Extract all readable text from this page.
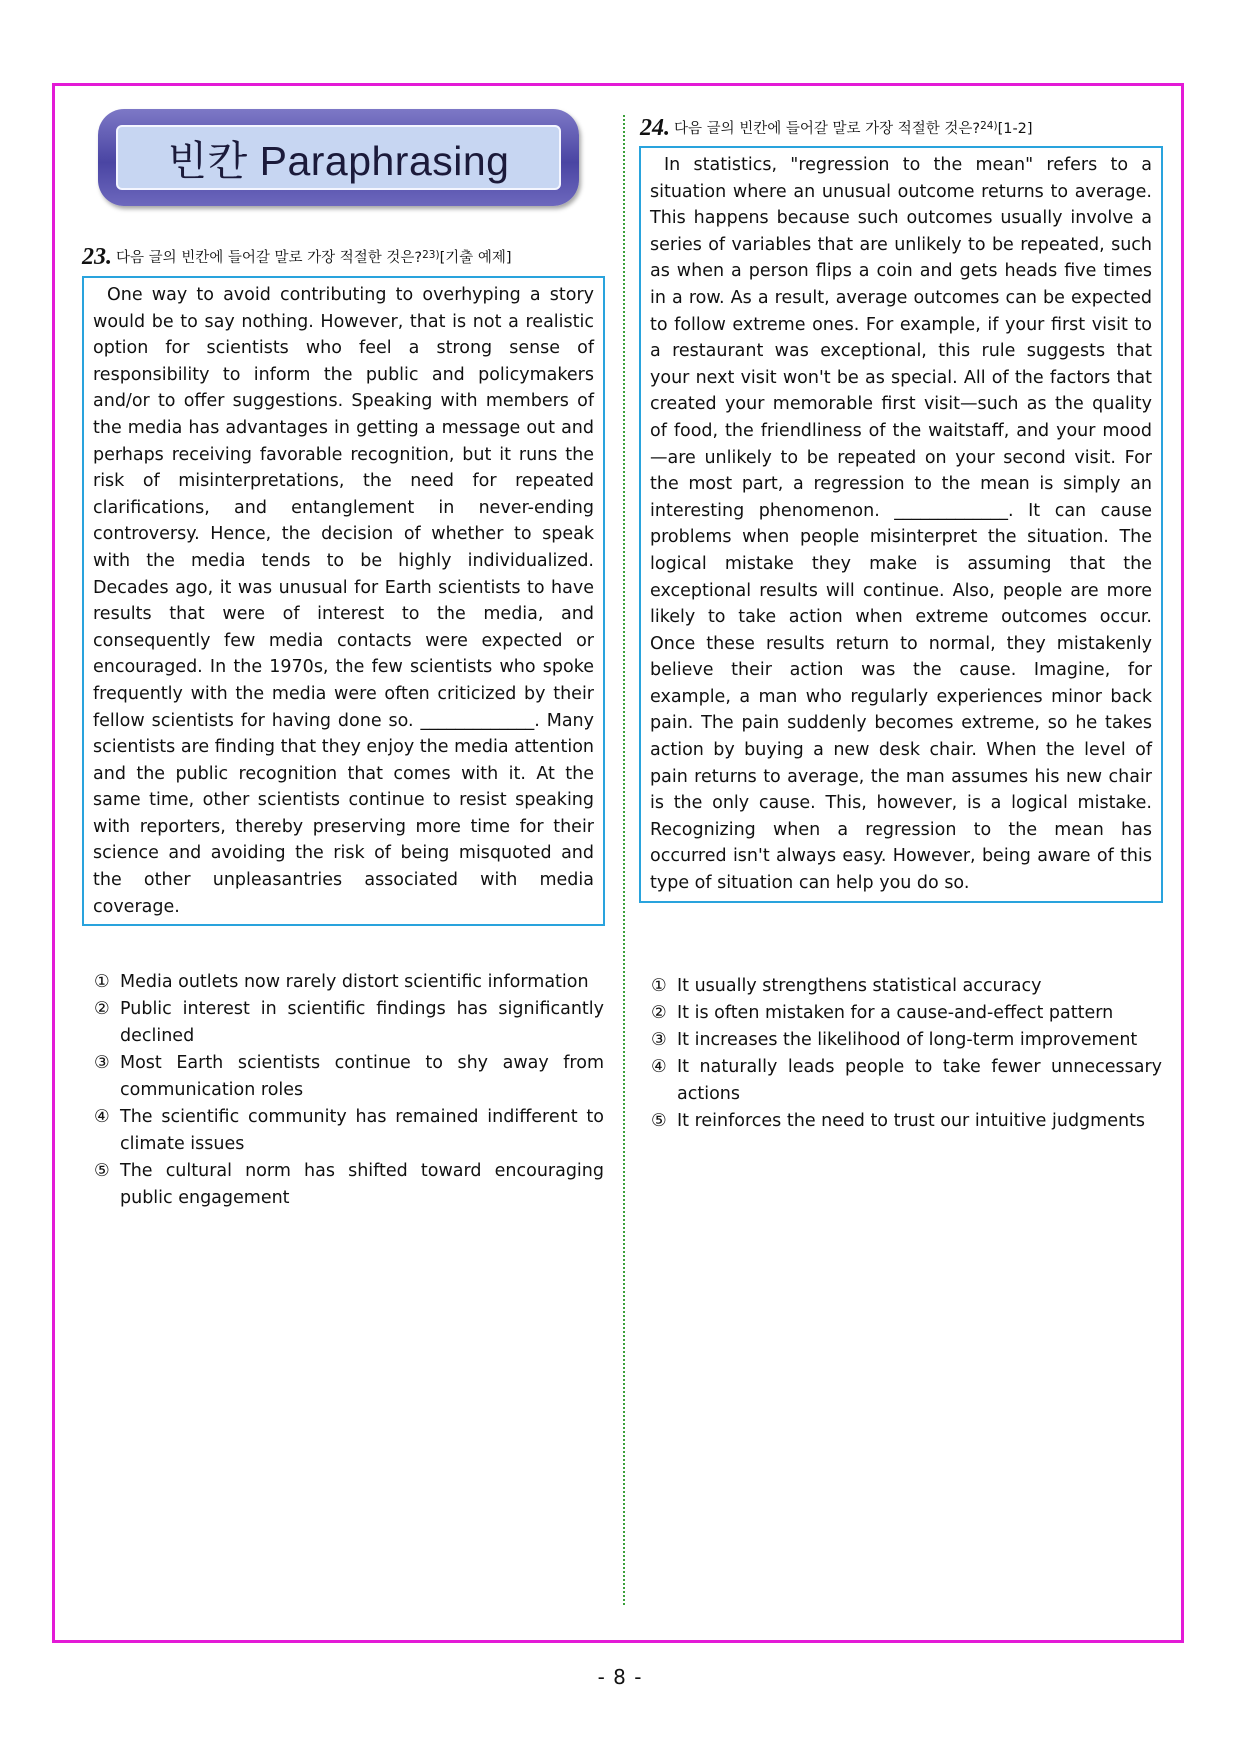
빈칸 Paraphrasing
23. 다음 글의 빈칸에 들어갈 말로 가장 적절한 것은?$^{23)}$[기출 예제]

One way to avoid contributing to overhyping a story would be to say nothing. However, that is not a realistic option for scientists who feel a strong sense of responsibility to inform the public and policymakers and/or to offer suggestions. Speaking with members of the media has advantages in getting a message out and perhaps receiving favorable recognition, but it runs the risk of misinterpretations, the need for repeated clarifications, and entanglement in never-ending controversy. Hence, the decision of whether to speak with the media tends to be highly individualized. Decades ago, it was unusual for Earth scientists to have results that were of interest to the media, and consequently few media contacts were expected or encouraged. In the 1970s, the few scientists who spoke frequently with the media were often criticized by their fellow scientists for having done so. _____________. Many scientists are finding that they enjoy the media attention and the public recognition that comes with it. At the same time, other scientists continue to resist speaking with reporters, thereby preserving more time for their science and avoiding the risk of being misquoted and the other unpleasantries associated with media coverage.

① Media outlets now rarely distort scientific information
② Public interest in scientific findings has significantly declined
③ Most Earth scientists continue to shy away from communication roles
④ The scientific community has remained indifferent to climate issues
⑤ The cultural norm has shifted toward encouraging public engagement
24. 다음 글의 빈칸에 들어갈 말로 가장 적절한 것은?$^{24)}$[1-2]

In statistics, "regression to the mean" refers to a situation where an unusual outcome returns to average. This happens because such outcomes usually involve a series of variables that are unlikely to be repeated, such as when a person flips a coin and gets heads five times in a row. As a result, average outcomes can be expected to follow extreme ones. For example, if your first visit to a restaurant was exceptional, this rule suggests that your next visit won't be as special. All of the factors that created your memorable first visit—such as the quality of food, the friendliness of the waitstaff, and your mood—are unlikely to be repeated on your second visit. For the most part, a regression to the mean is simply an interesting phenomenon. _____________. It can cause problems when people misinterpret the situation. The logical mistake they make is assuming that the exceptional results will continue. Also, people are more likely to take action when extreme outcomes occur. Once these results return to normal, they mistakenly believe their action was the cause. Imagine, for example, a man who regularly experiences minor back pain. The pain suddenly becomes extreme, so he takes action by buying a new desk chair. When the level of pain returns to average, the man assumes his new chair is the only cause. This, however, is a logical mistake. Recognizing when a regression to the mean has occurred isn't always easy. However, being aware of this type of situation can help you do so.

① It usually strengthens statistical accuracy
② It is often mistaken for a cause-and-effect pattern
③ It increases the likelihood of long-term improvement
④ It naturally leads people to take fewer unnecessary actions
⑤ It reinforces the need to trust our intuitive judgments
- 8 -
